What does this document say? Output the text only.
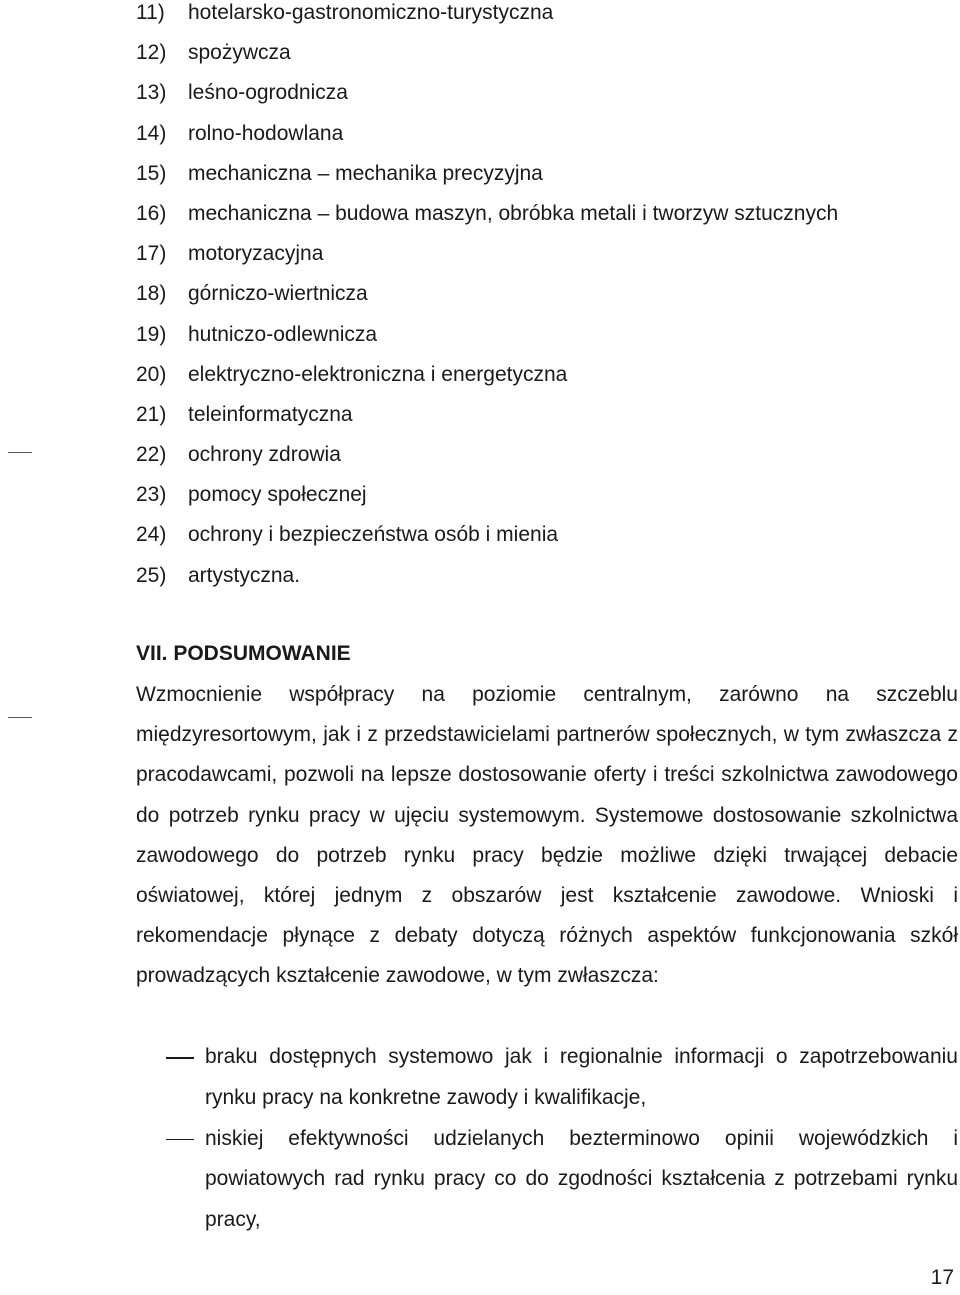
11) hotelarsko-gastronomiczno-turystyczna
12) spożywcza
13) leśno-ogrodnicza
14) rolno-hodowlana
15) mechaniczna – mechanika precyzyjna
16) mechaniczna – budowa maszyn, obróbka metali i tworzyw sztucznych
17) motoryzacyjna
18) górniczo-wiertnicza
19) hutniczo-odlewnicza
20) elektryczno-elektroniczna i energetyczna
21) teleinformatyczna
22) ochrony zdrowia
23) pomocy społecznej
24) ochrony i bezpieczeństwa osób i mienia
25) artystyczna.
VII. PODSUMOWANIE

Wzmocnienie współpracy na poziomie centralnym, zarówno na szczeblu międzyresortowym, jak i z przedstawicielami partnerów społecznych, w tym zwłaszcza z pracodawcami, pozwoli na lepsze dostosowanie oferty i treści szkolnictwa zawodowego do potrzeb rynku pracy w ujęciu systemowym. Systemowe dostosowanie szkolnictwa zawodowego do potrzeb rynku pracy będzie możliwe dzięki trwającej debacie oświatowej, której jednym z obszarów jest kształcenie zawodowe. Wnioski i rekomendacje płynące z debaty dotyczą różnych aspektów funkcjonowania szkół prowadzących kształcenie zawodowe, w tym zwłaszcza:

braku dostępnych systemowo jak i regionalnie informacji o zapotrzebowaniu rynku pracy na konkretne zawody i kwalifikacje,
niskiej efektywności udzielanych bezterminowo opinii wojewódzkich i powiatowych rad rynku pracy co do zgodności kształcenia z potrzebami rynku pracy,
17
